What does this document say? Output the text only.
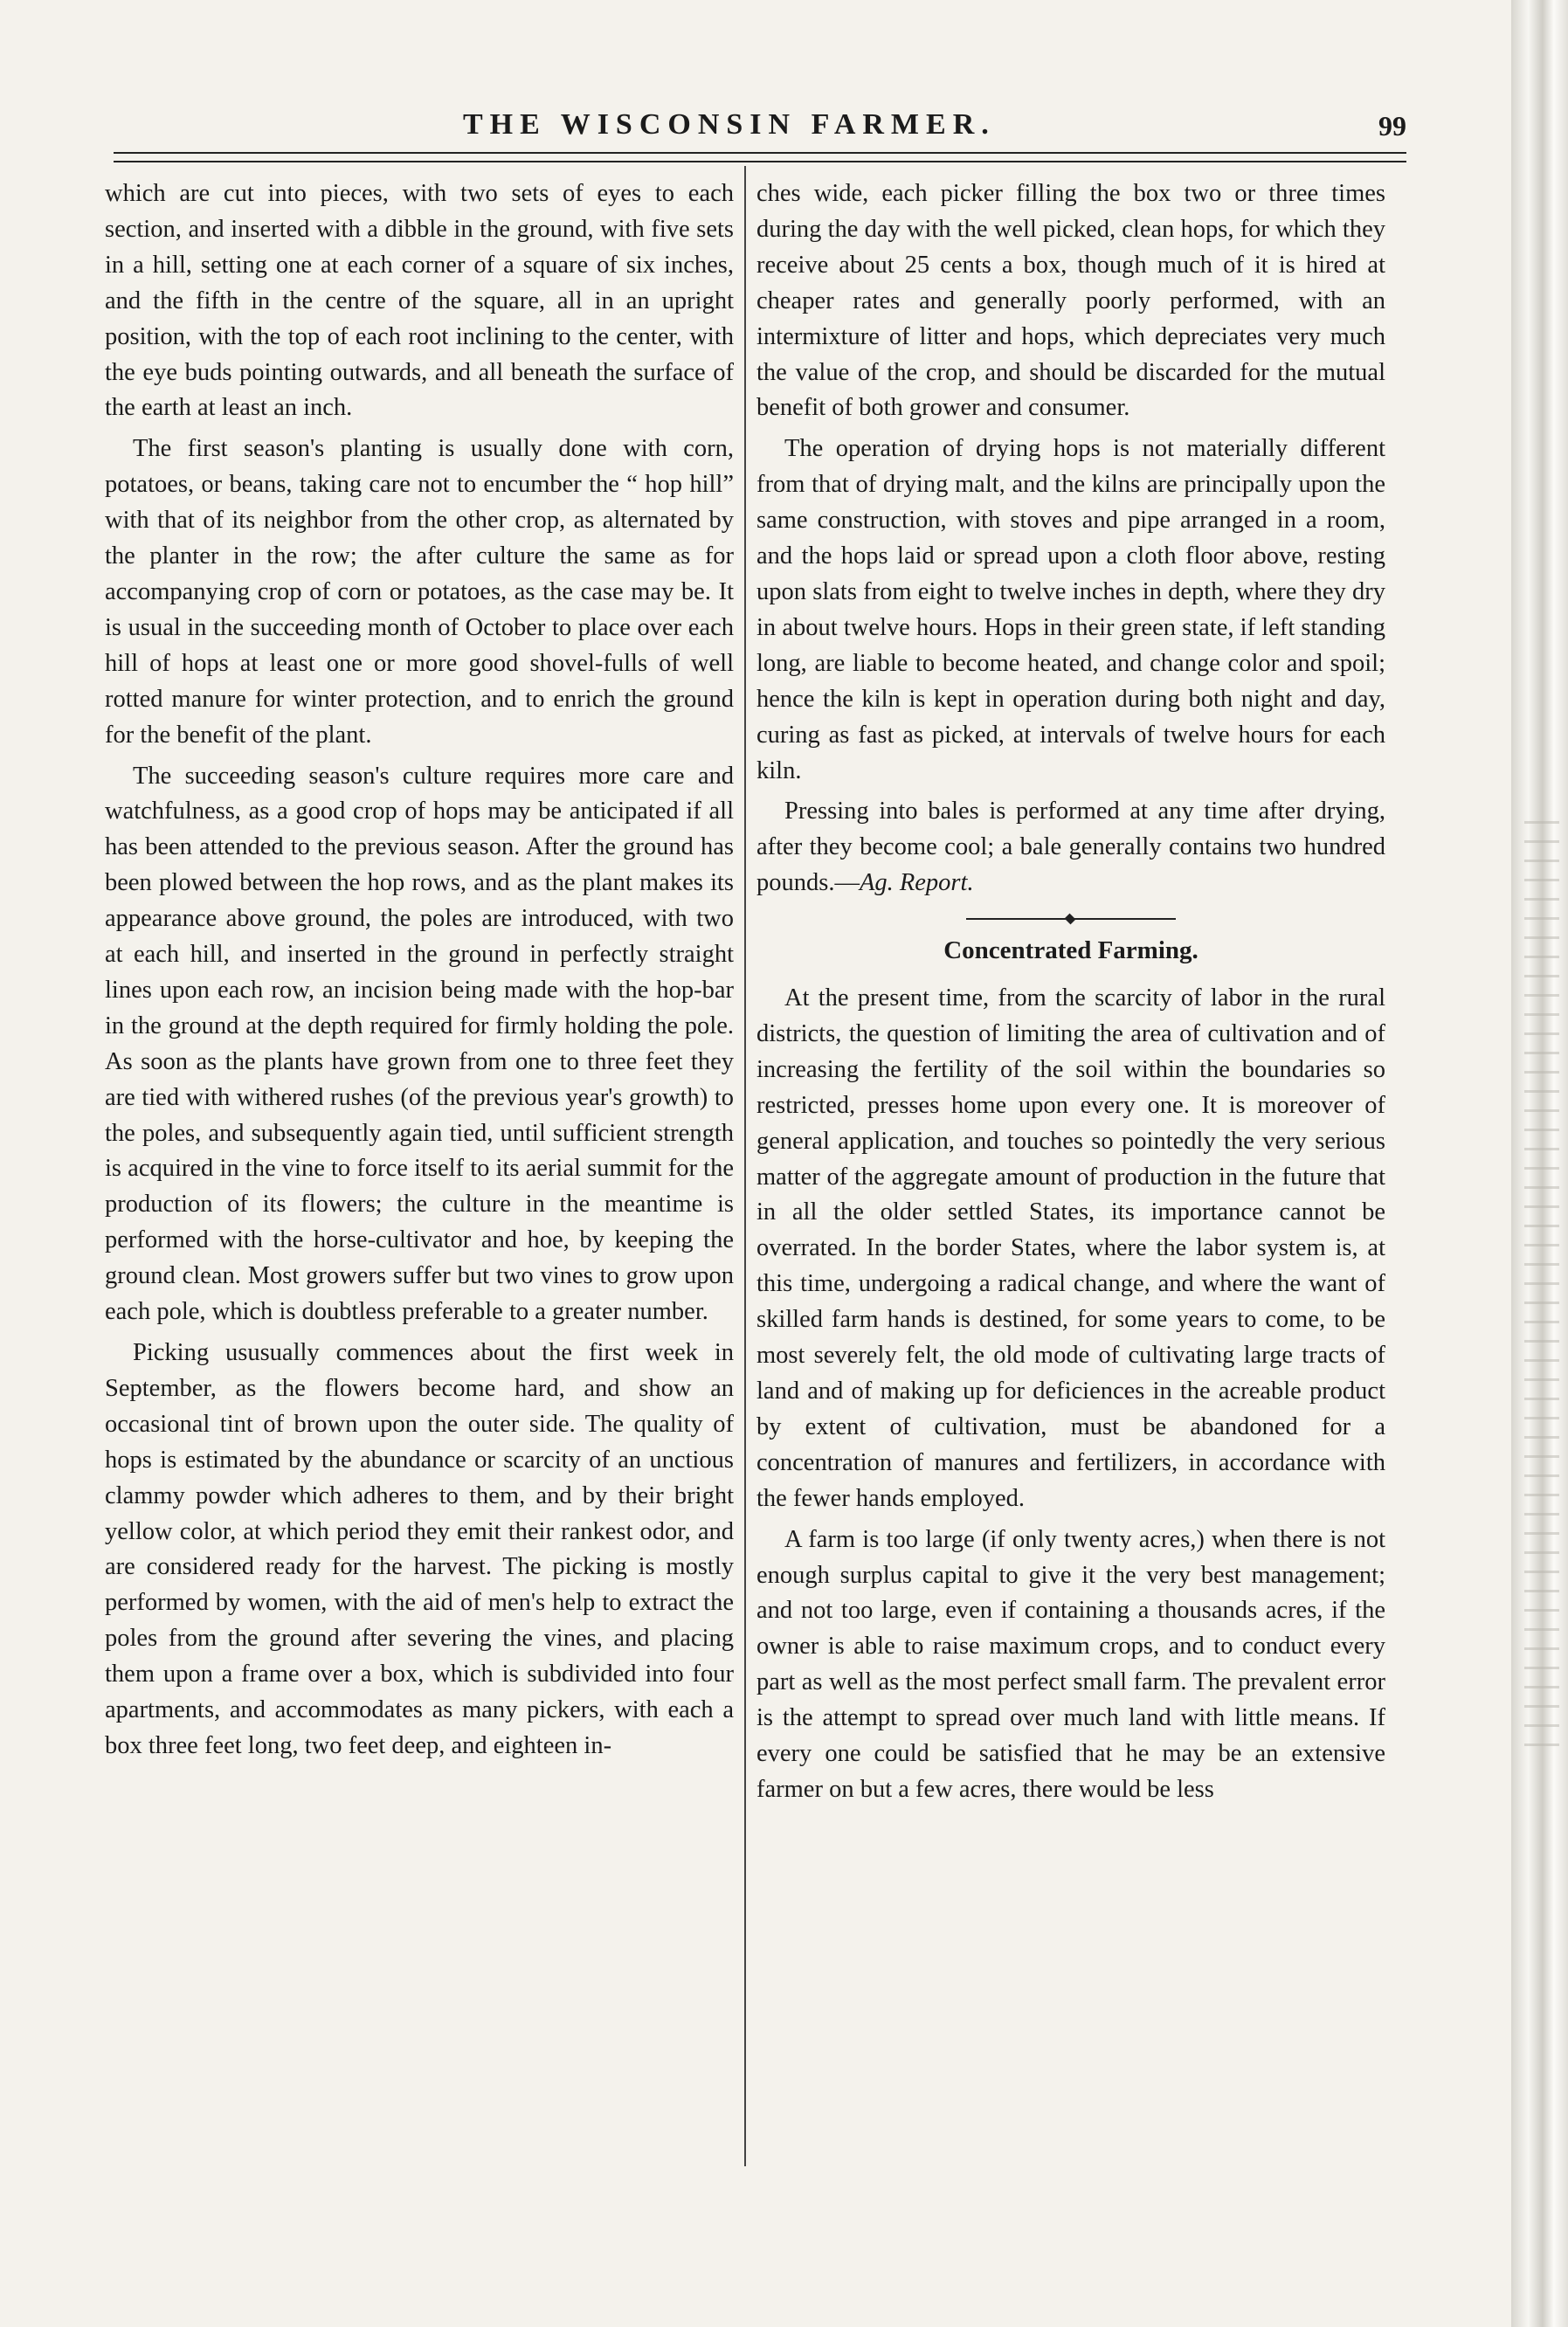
THE WISCONSIN FARMER.	99

which are cut into pieces, with two sets of eyes to each section, and inserted with a dibble in the ground, with five sets in a hill, setting one at each corner of a square of six inches, and the fifth in the centre of the square, all in an upright position, with the top of each root inclining to the center, with the eye buds pointing outwards, and all beneath the surface of the earth at least an inch.

The first season's planting is usually done with corn, potatoes, or beans, taking care not to encumber the “ hop hill” with that of its neighbor from the other crop, as alternated by the planter in the row; the after culture the same as for accompanying crop of corn or potatoes, as the case may be. It is usual in the succeeding month of October to place over each hill of hops at least one or more good shovel-fulls of well rotted manure for winter protection, and to enrich the ground for the benefit of the plant.

The succeeding season's culture requires more care and watchfulness, as a good crop of hops may be anticipated if all has been attended to the previous season. After the ground has been plowed between the hop rows, and as the plant makes its appearance above ground, the poles are introduced, with two at each hill, and inserted in the ground in perfectly straight lines upon each row, an incision being made with the hop-bar in the ground at the depth required for firmly holding the pole. As soon as the plants have grown from one to three feet they are tied with withered rushes (of the previous year's growth) to the poles, and subsequently again tied, until sufficient strength is acquired in the vine to force itself to its aerial summit for the production of its flowers; the culture in the meantime is performed with the horse-cultivator and hoe, by keeping the ground clean. Most growers suffer but two vines to grow upon each pole, which is doubtless preferable to a greater number.

Picking ususually commences about the first week in September, as the flowers become hard, and show an occasional tint of brown upon the outer side. The quality of hops is estimated by the abundance or scarcity of an unctious clammy powder which adheres to them, and by their bright yellow color, at which period they emit their rankest odor, and are considered ready for the harvest. The picking is mostly performed by women, with the aid of men's help to extract the poles from the ground after severing the vines, and placing them upon a frame over a box, which is subdivided into four apartments, and accommodates as many pickers, with each a box three feet long, two feet deep, and eighteen in-

ches wide, each picker filling the box two or three times during the day with the well picked, clean hops, for which they receive about 25 cents a box, though much of it is hired at cheaper rates and generally poorly performed, with an intermixture of litter and hops, which depreciates very much the value of the crop, and should be discarded for the mutual benefit of both grower and consumer.

The operation of drying hops is not materially different from that of drying malt, and the kilns are principally upon the same construction, with stoves and pipe arranged in a room, and the hops laid or spread upon a cloth floor above, resting upon slats from eight to twelve inches in depth, where they dry in about twelve hours. Hops in their green state, if left standing long, are liable to become heated, and change color and spoil; hence the kiln is kept in operation during both night and day, curing as fast as picked, at intervals of twelve hours for each kiln.

Pressing into bales is performed at any time after drying, after they become cool; a bale generally contains two hundred pounds.—Ag. Report.

Concentrated Farming.

At the present time, from the scarcity of labor in the rural districts, the question of limiting the area of cultivation and of increasing the fertility of the soil within the boundaries so restricted, presses home upon every one. It is moreover of general application, and touches so pointedly the very serious matter of the aggregate amount of production in the future that in all the older settled States, its importance cannot be overrated. In the border States, where the labor system is, at this time, undergoing a radical change, and where the want of skilled farm hands is destined, for some years to come, to be most severely felt, the old mode of cultivating large tracts of land and of making up for deficiences in the acreable product by extent of cultivation, must be abandoned for a concentration of manures and fertilizers, in accordance with the fewer hands employed.

A farm is too large (if only twenty acres,) when there is not enough surplus capital to give it the very best management; and not too large, even if containing a thousands acres, if the owner is able to raise maximum crops, and to conduct every part as well as the most perfect small farm. The prevalent error is the attempt to spread over much land with little means. If every one could be satisfied that he may be an extensive farmer on but a few acres, there would be less
